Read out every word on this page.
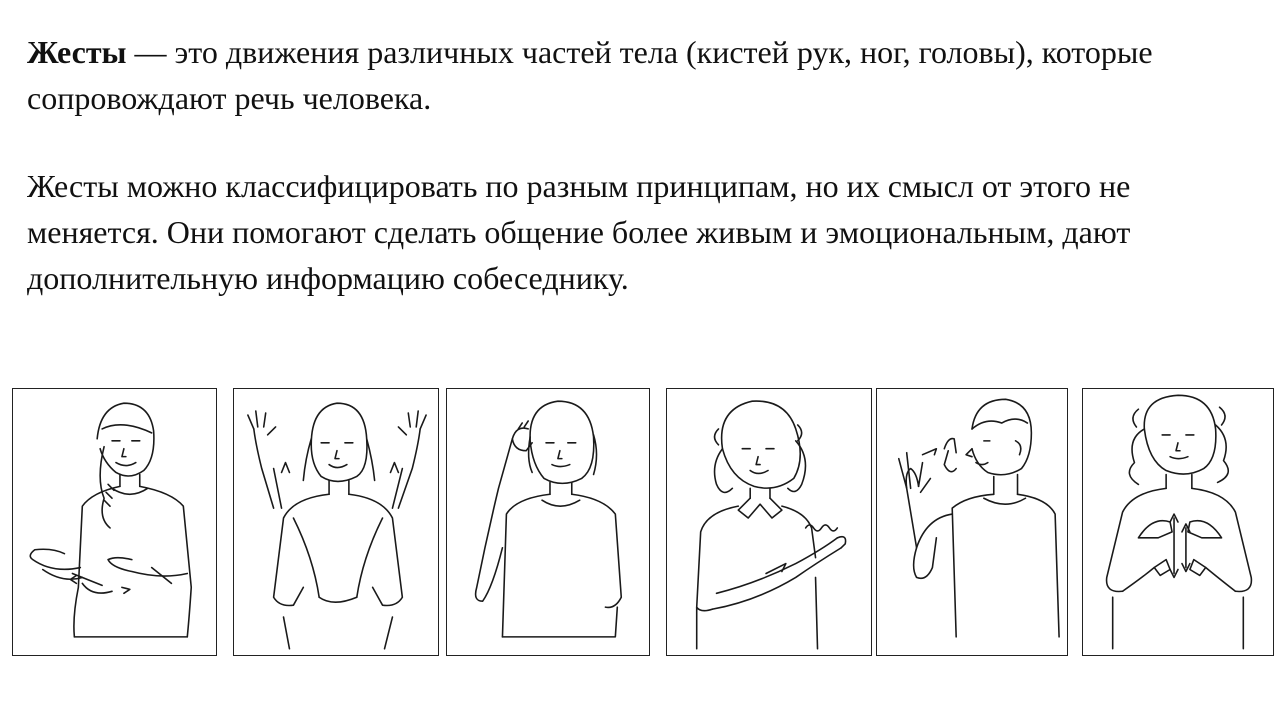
Жесты — это движения различных частей тела (кистей рук, ног, головы), которые сопровождают речь человека.

Жесты можно классифицировать по разным принципам, но их смысл от этого не меняется. Они помогают сделать общение более живым и эмоциональным, дают дополнительную информацию собеседнику.
